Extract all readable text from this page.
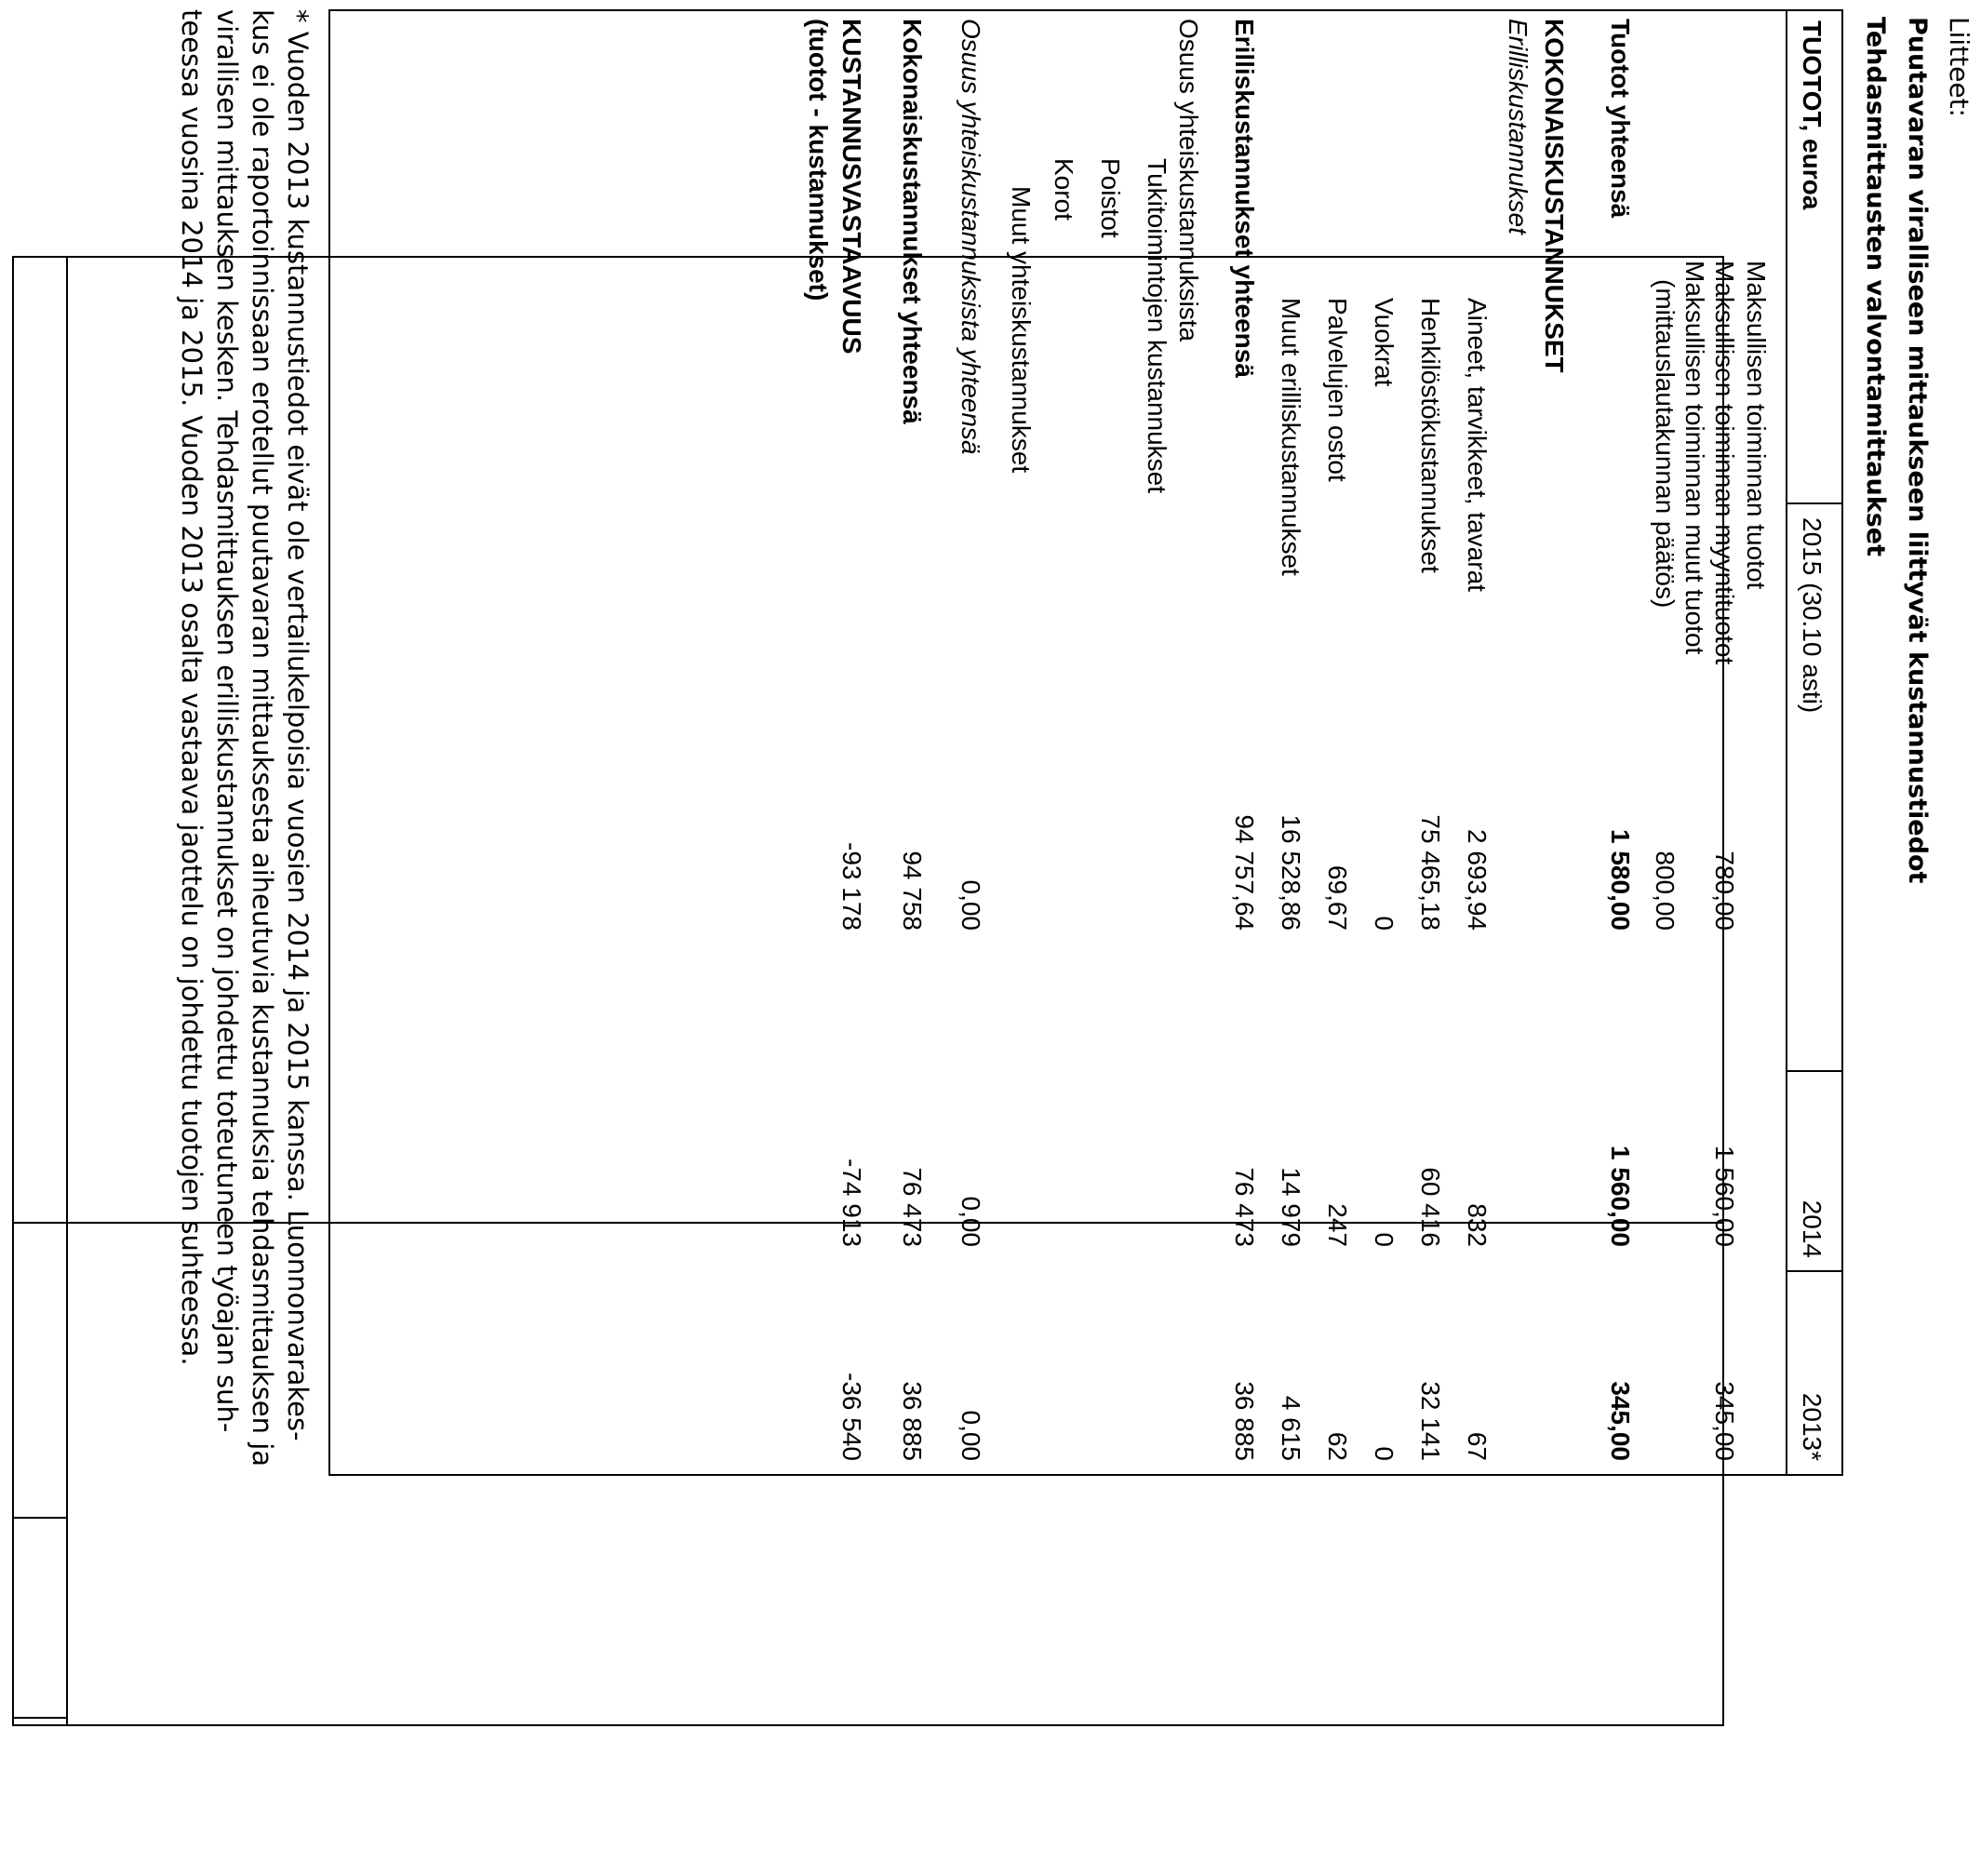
Liitteet:
Puutavaran viralliseen mittaukseen liittyvät kustannustiedot
Tehdasmittausten valvontamittaukset
TUOTOT, euroa
2015 (30.10 asti)
2014
2013*
Maksullisen toiminnan tuotot
Maksullisen toiminnan myyntituotot
780,00
1 560,00
345,00
Maksullisen toiminnan muut tuotot
(mittauslautakunnan päätös)
800,00
Tuotot yhteensä
1 580,00
1 560,00
345,00
KOKONAISKUSTANNUKSET
Erilliskustannukset
Aineet, tarvikkeet, tavarat
2 693,94
832
67
Henkilöstökustannukset
75 465,18
60 416
32 141
Vuokrat
0
0
0
Palvelujen ostot
69,67
247
62
Muut erilliskustannukset
16 528,86
14 979
4 615
Erilliskustannukset yhteensä
94 757,64
76 473
36 885
Osuus yhteiskustannuksista
Tukitoimintojen kustannukset
Poistot
Korot
Muut yhteiskustannukset
Osuus yhteiskustannuksista yhteensä
0,00
0,00
0,00
Kokonaiskustannukset yhteensä
94 758
76 473
36 885
KUSTANNUSVASTAAVUUS
-93 178
-74 913
-36 540
(tuotot - kustannukset)
* Vuoden 2013 kustannustiedot eivät ole vertailukelpoisia vuosien 2014 ja 2015 kanssa. Luonnonvarakes-
kus ei ole raportoinnissaan erotellut puutavaran mittauksesta aiheutuvia kustannuksia tehdasmittauksen ja
virallisen mittauksen kesken. Tehdasmittauksen erilliskustannukset on johdettu toteutuneen työajan suh-
teessa vuosina 2014 ja 2015. Vuoden 2013 osalta vastaava jaottelu on johdettu tuotojen suhteessa.
